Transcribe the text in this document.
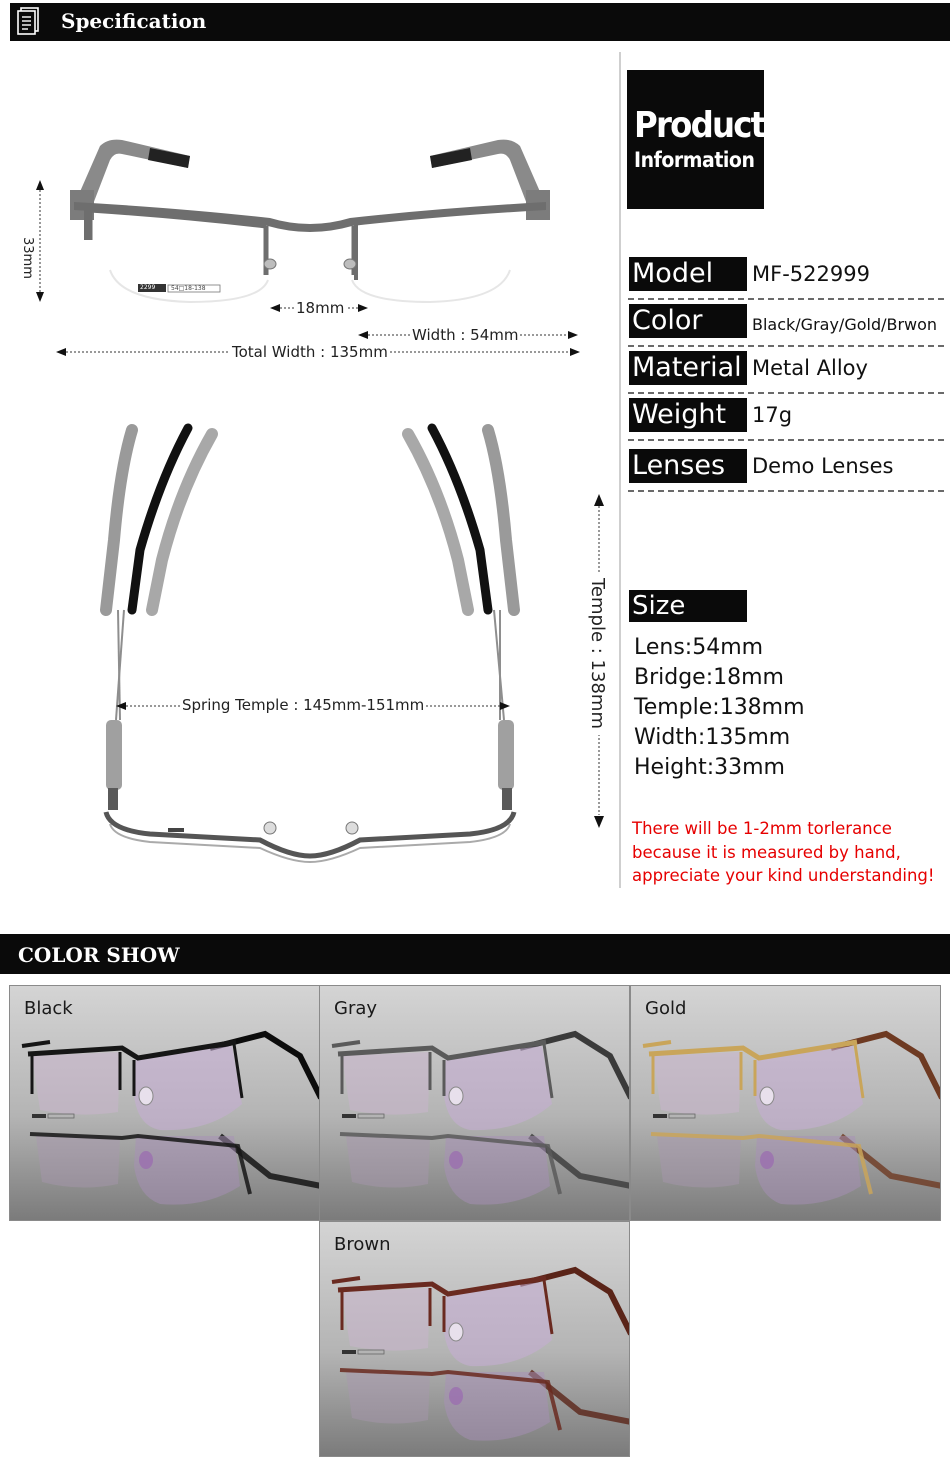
Specification
2299	54□18-138
33mm
18mm
Width : 54mm
Total Width : 135mm
Spring Temple : 145mm-151mm	Temple : 138mm
Product
Information
Model	MF-522999
Color	Black/Gray/Gold/Brwon
Material Metal Alloy
Weight	17g
Lenses	Demo Lenses
Size
Lens:54mm
Bridge:18mm
Temple:138mm
Width:135mm
Height:33mm
There will be 1-2mm torlerance because it is measured by hand, appreciate your kind understanding!
COLOR SHOW
Black	Gray	Gold
Brown
